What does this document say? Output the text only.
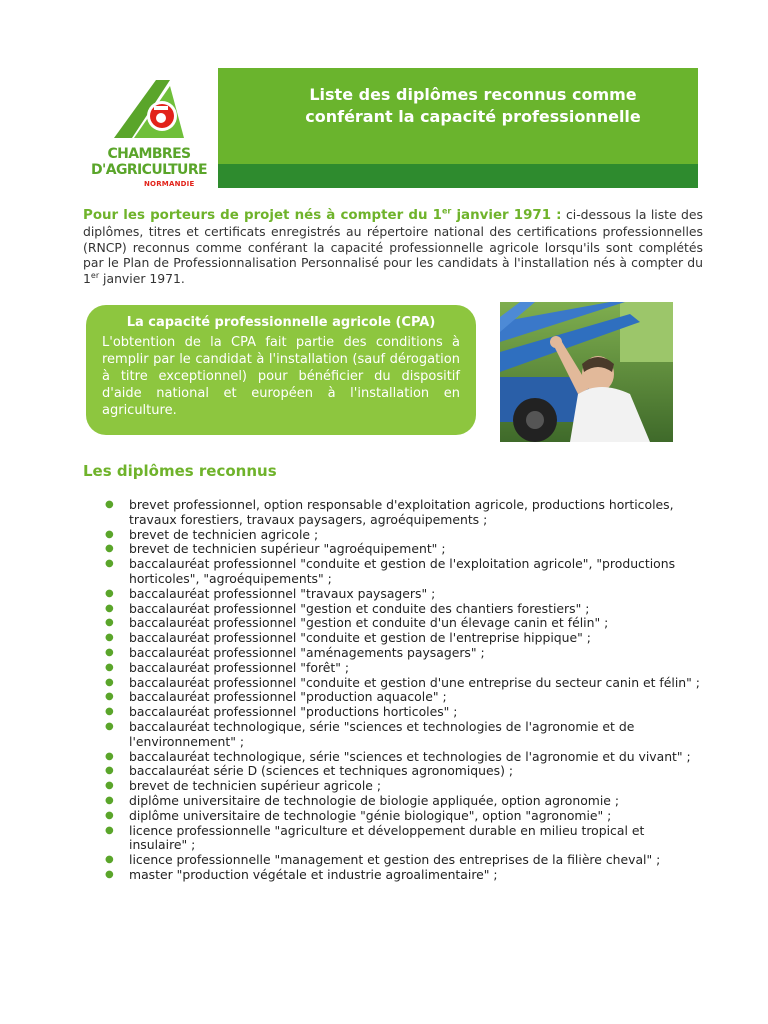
CHAMBRES
D'AGRICULTURE
NORMANDIE
Liste des diplômes reconnus comme
conférant la capacité professionnelle
Pour les porteurs de projet nés à compter du 1er janvier 1971 : ci-dessous la liste des diplômes, titres et certificats enregistrés au répertoire national des certifications professionnelles (RNCP) reconnus comme conférant la capacité professionnelle agricole lorsqu'ils sont complétés par le Plan de Professionnalisation Personnalisé pour les candidats à l'installation nés à compter du 1er janvier 1971.
La capacité professionnelle agricole (CPA)
L'obtention de la CPA fait partie des conditions à remplir par le candidat à l'installation (sauf dérogation à titre exceptionnel) pour bénéficier du dispositif d'aide national et européen à l'installation en agriculture.
Les diplômes reconnus
● brevet professionnel, option responsable d'exploitation agricole, productions horticoles, travaux forestiers, travaux paysagers, agroéquipements ;
● brevet de technicien agricole ;
● brevet de technicien supérieur "agroéquipement" ;
● baccalauréat professionnel "conduite et gestion de l'exploitation agricole", "productions horticoles", "agroéquipements" ;
● baccalauréat professionnel "travaux paysagers" ;
● baccalauréat professionnel "gestion et conduite des chantiers forestiers" ;
● baccalauréat professionnel "gestion et conduite d'un élevage canin et félin" ;
● baccalauréat professionnel "conduite et gestion de l'entreprise hippique" ;
● baccalauréat professionnel "aménagements paysagers" ;
● baccalauréat professionnel "forêt" ;
● baccalauréat professionnel "conduite et gestion d'une entreprise du secteur canin et félin" ;
● baccalauréat professionnel "production aquacole" ;
● baccalauréat professionnel "productions horticoles" ;
● baccalauréat technologique, série "sciences et technologies de l'agronomie et de l'environnement" ;
● baccalauréat technologique, série "sciences et technologies de l'agronomie et du vivant" ;
● baccalauréat série D (sciences et techniques agronomiques) ;
● brevet de technicien supérieur agricole ;
● diplôme universitaire de technologie de biologie appliquée, option agronomie ;
● diplôme universitaire de technologie "génie biologique", option "agronomie" ;
● licence professionnelle "agriculture et développement durable en milieu tropical et insulaire" ;
● licence professionnelle "management et gestion des entreprises de la filière cheval" ;
● master "production végétale et industrie agroalimentaire" ;
